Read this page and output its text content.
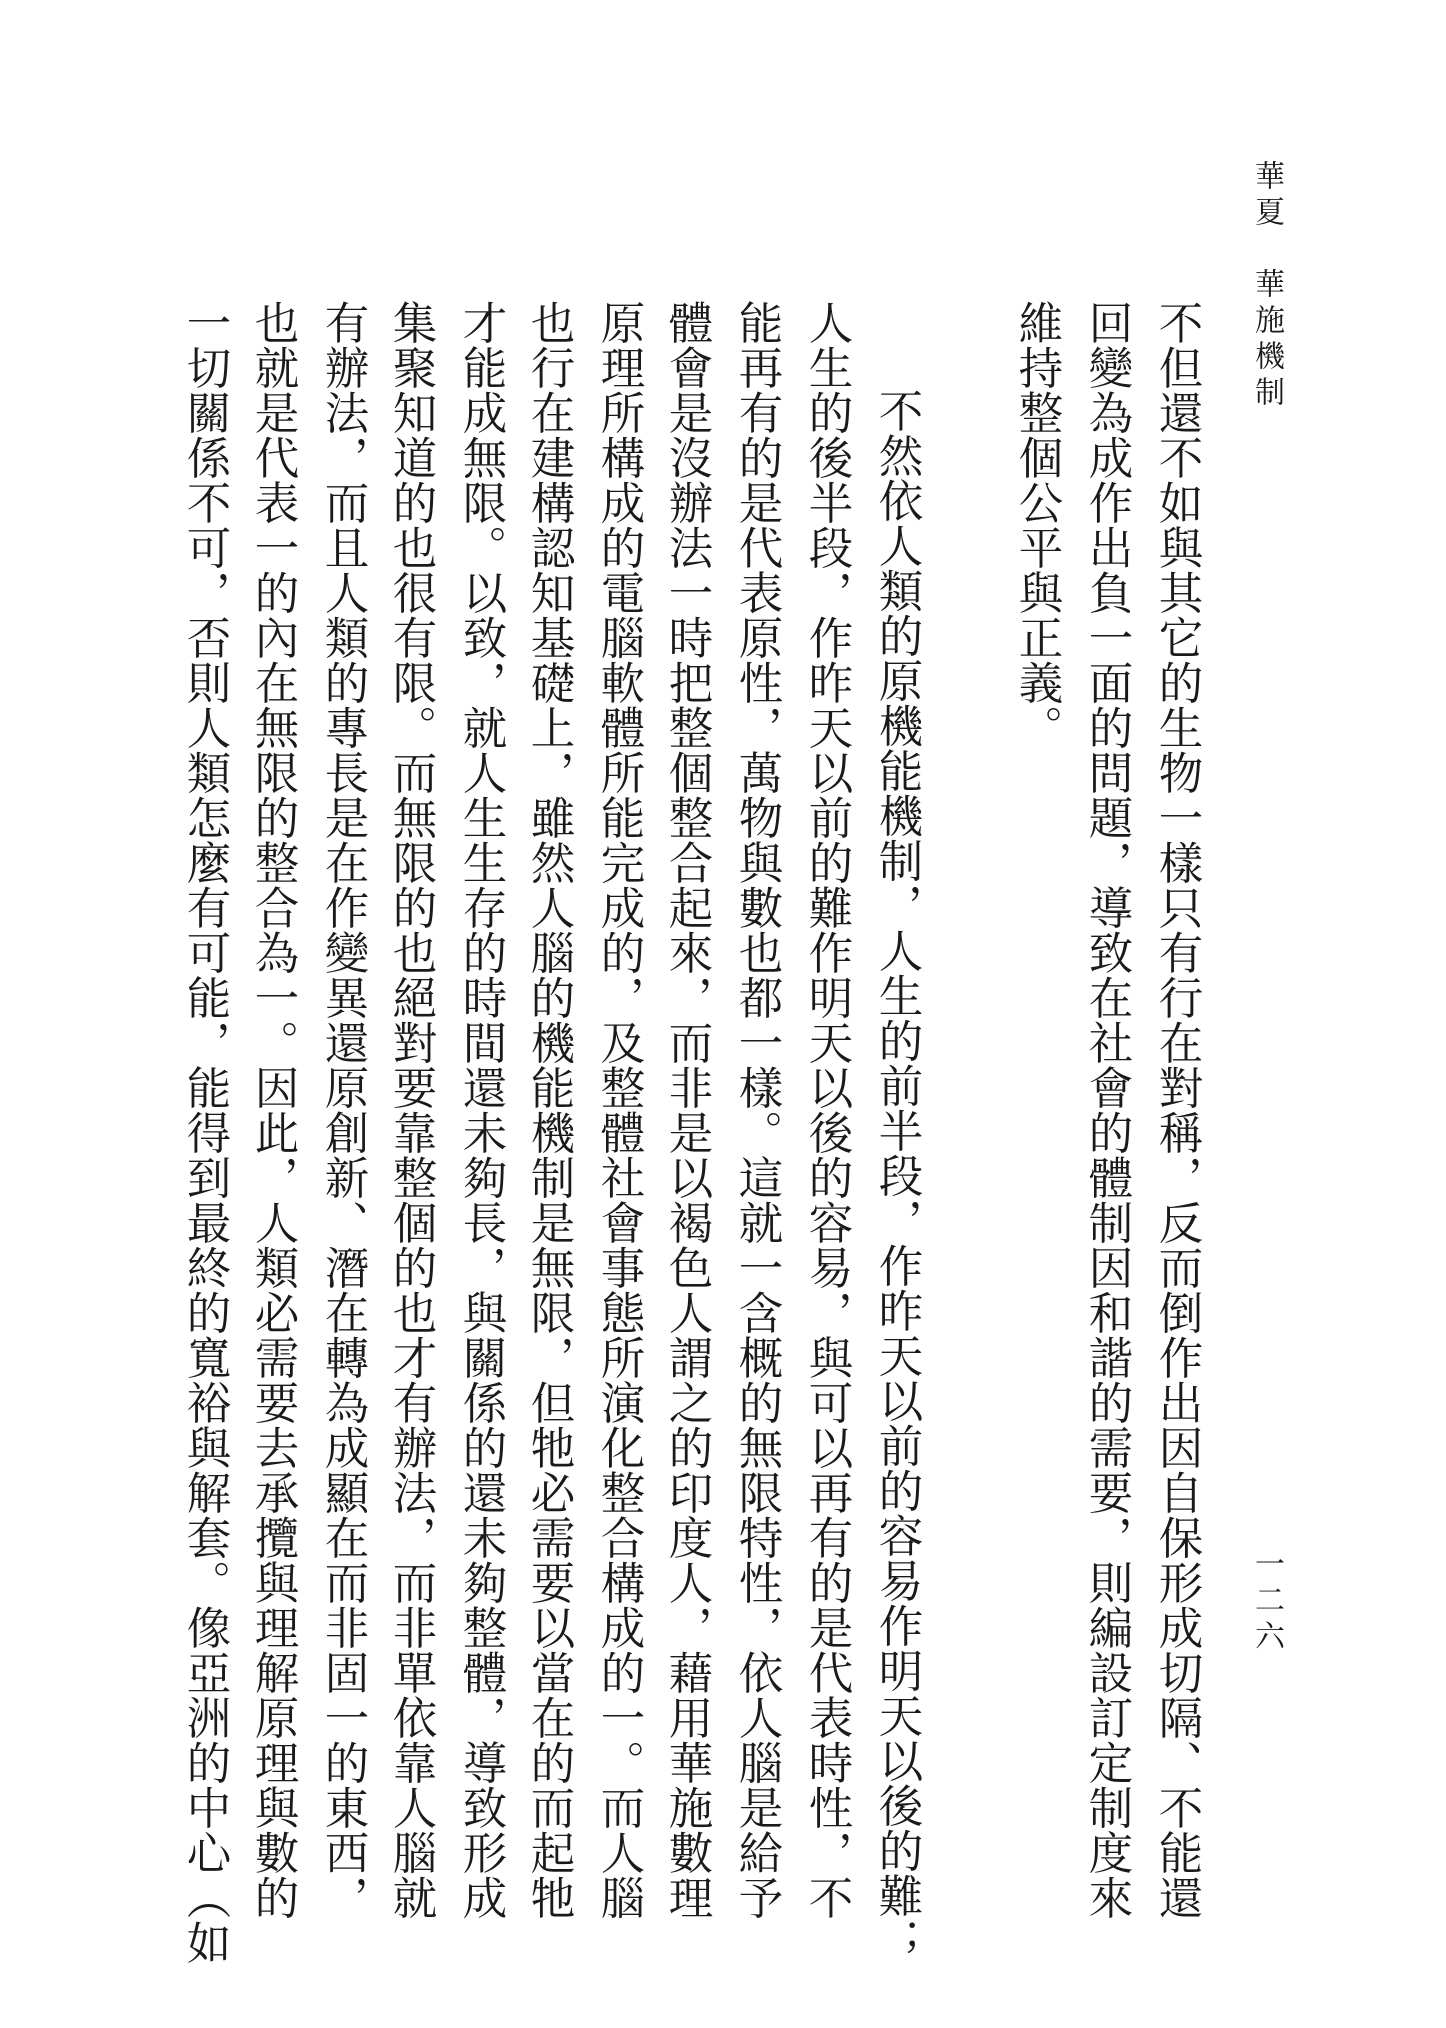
華夏　華施機制
一二六
不但還不如與其它的生物一樣只有行在對稱，反而倒作出因自保形成切隔、不能還
回變為成作出負一面的問題，導致在社會的體制因和諧的需要，則編設訂定制度來
維持整個公平與正義。
不然依人類的原機能機制，人生的前半段，作昨天以前的容易作明天以後的難；
人生的後半段，作昨天以前的難作明天以後的容易，與可以再有的是代表時性，不
能再有的是代表原性，萬物與數也都一樣。這就一含概的無限特性，依人腦是給予
體會是沒辦法一時把整個整合起來，而非是以褐色人謂之的印度人，藉用華施數理
原理所構成的電腦軟體所能完成的，及整體社會事態所演化整合構成的一。而人腦
也行在建構認知基礎上，雖然人腦的機能機制是無限，但牠必需要以當在的而起牠
才能成無限。以致，就人生生存的時間還未夠長，與關係的還未夠整體，導致形成
集聚知道的也很有限。而無限的也絕對要靠整個的也才有辦法，而非單依靠人腦就
有辦法，而且人類的專長是在作變異還原創新、潛在轉為成顯在而非固一的東西，
也就是代表一的內在無限的整合為一。因此，人類必需要去承攬與理解原理與數的
一切關係不可，否則人類怎麼有可能，能得到最終的寬裕與解套。像亞洲的中心（如
